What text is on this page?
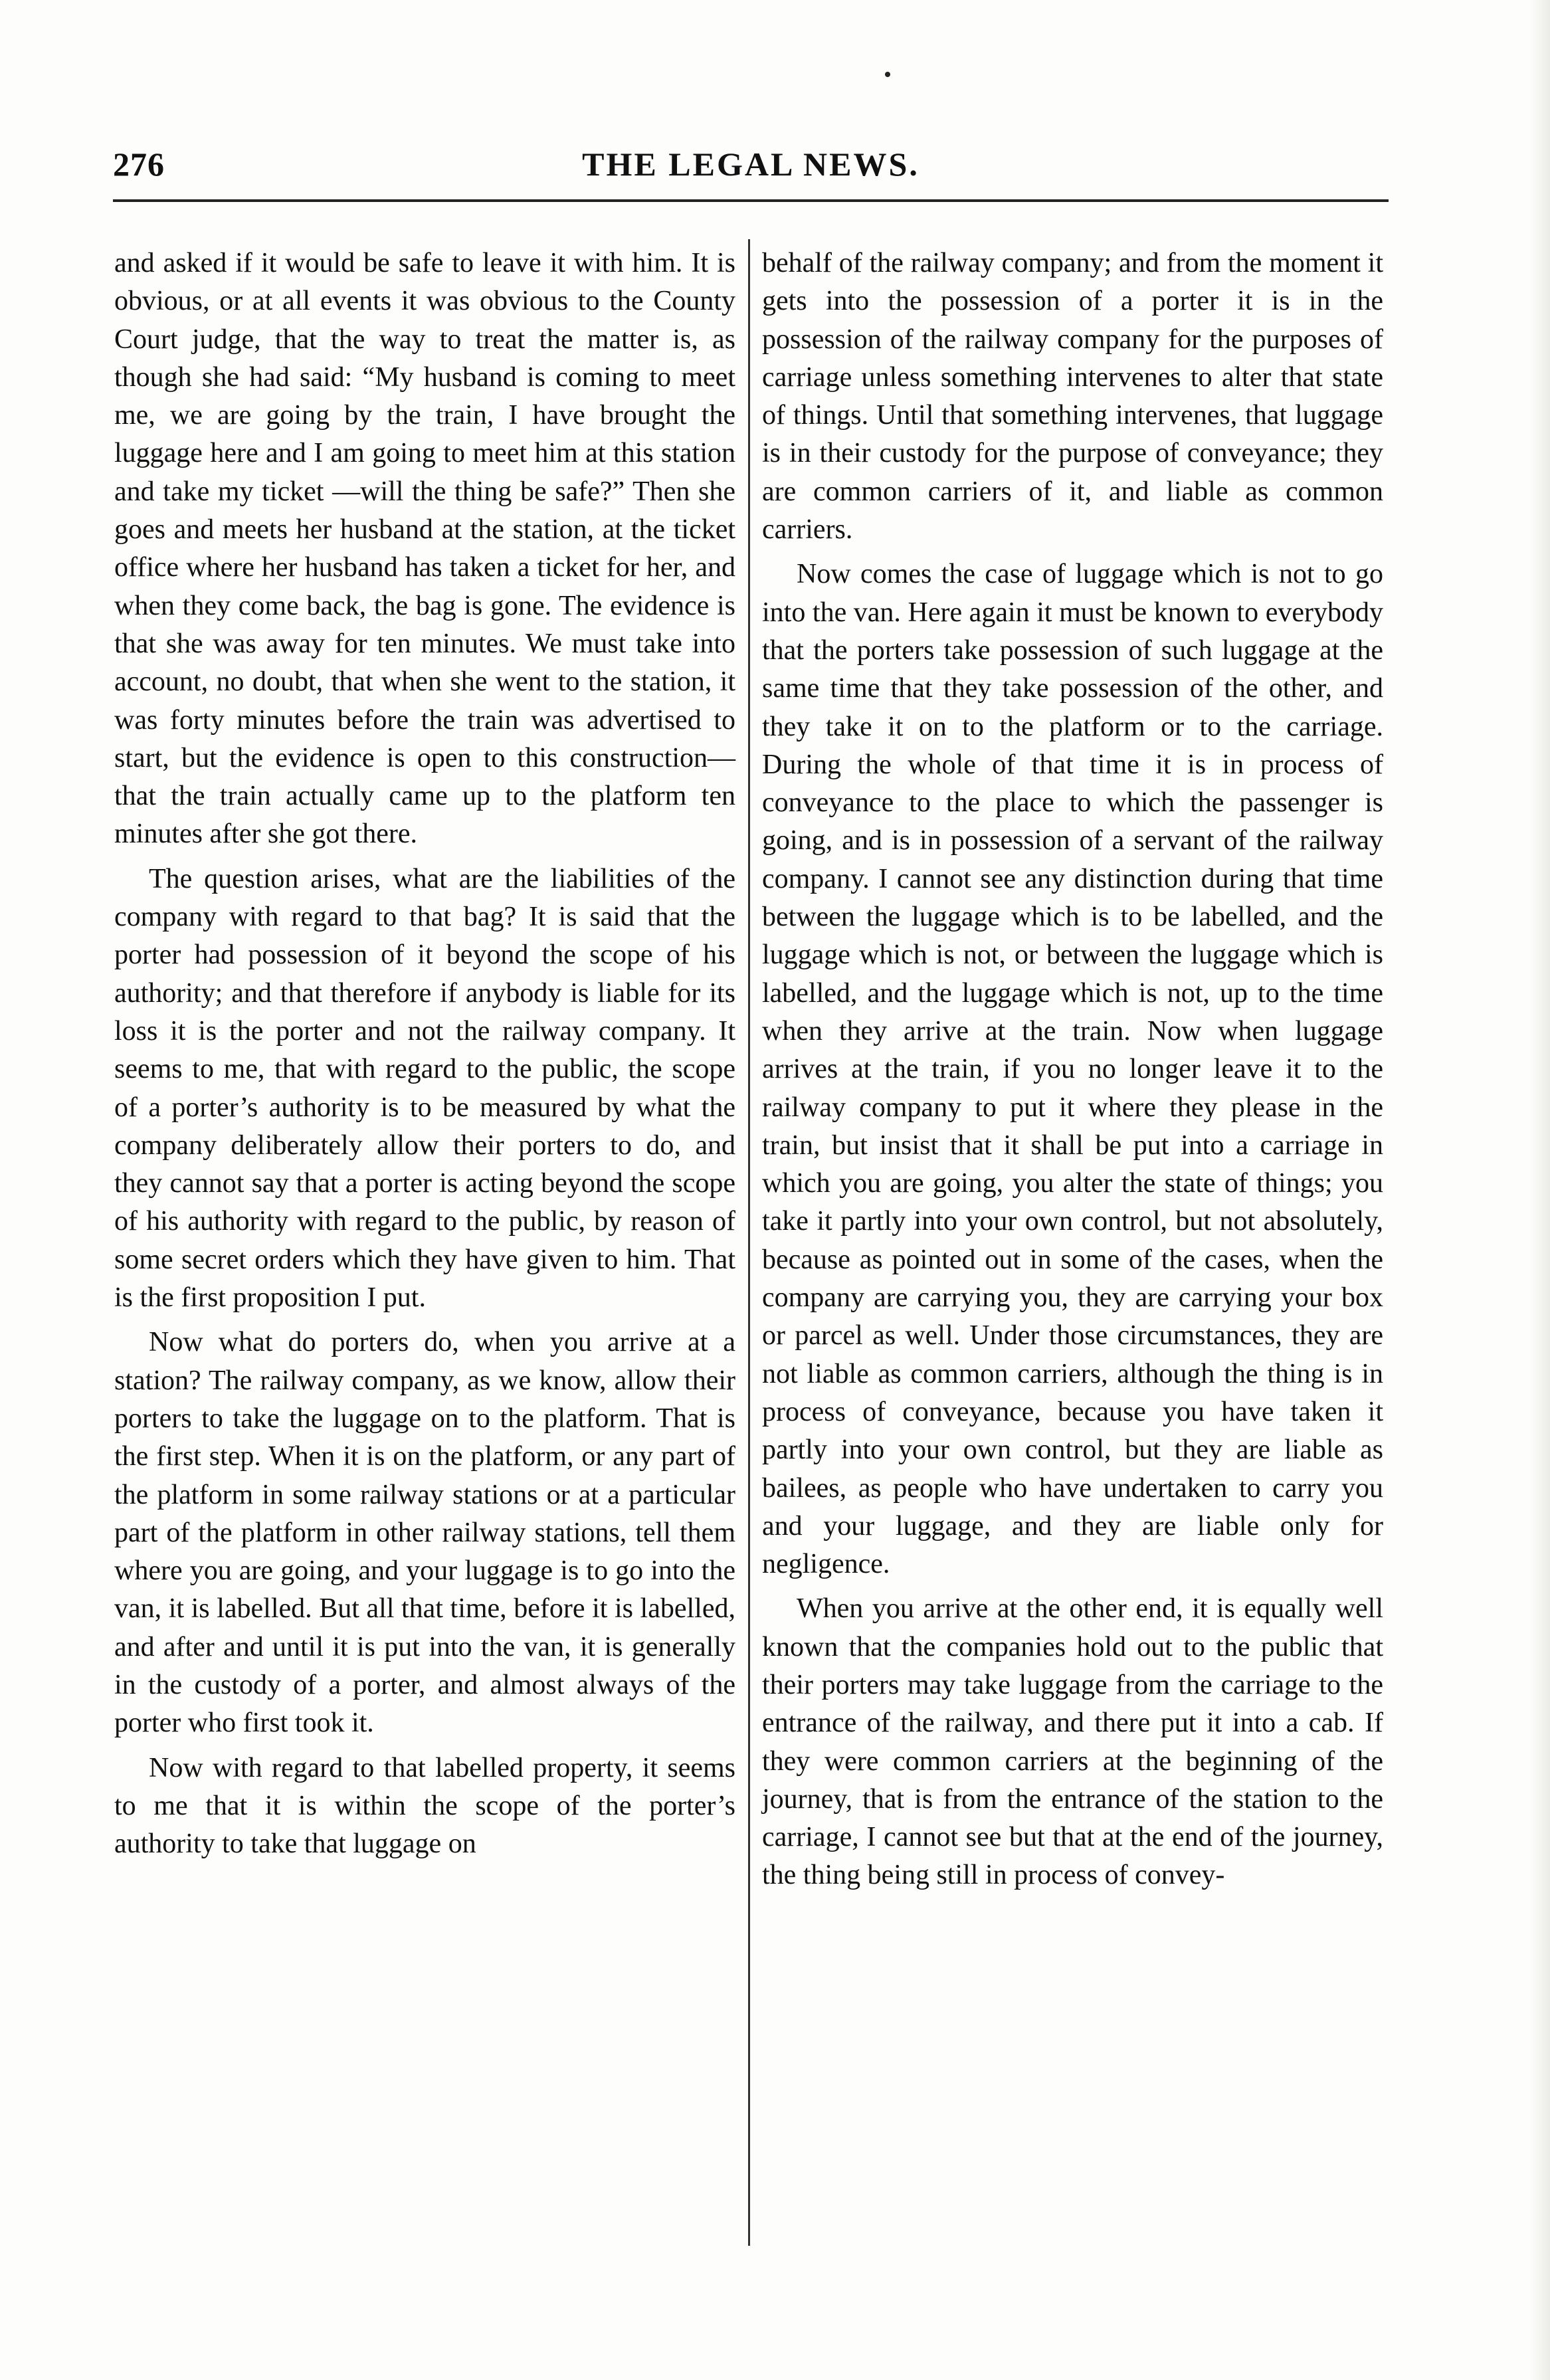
276	THE LEGAL NEWS.

and asked if it would be safe to leave it with him. It is obvious, or at all events it was obvious to the County Court judge, that the way to treat the matter is, as though she had said: “My husband is coming to meet me, we are going by the train, I have brought the luggage here and I am going to meet him at this station and take my ticket —will the thing be safe?” Then she goes and meets her husband at the station, at the ticket office where her husband has taken a ticket for her, and when they come back, the bag is gone. The evidence is that she was away for ten minutes. We must take into account, no doubt, that when she went to the station, it was forty minutes before the train was advertised to start, but the evidence is open to this construction— that the train actually came up to the platform ten minutes after she got there.

The question arises, what are the liabilities of the company with regard to that bag? It is said that the porter had possession of it beyond the scope of his authority; and that therefore if anybody is liable for its loss it is the porter and not the railway company. It seems to me, that with regard to the public, the scope of a porter’s authority is to be measured by what the company deliberately allow their porters to do, and they cannot say that a porter is acting beyond the scope of his authority with regard to the public, by reason of some secret orders which they have given to him. That is the first proposition I put.

Now what do porters do, when you arrive at a station? The railway company, as we know, allow their porters to take the luggage on to the platform. That is the first step. When it is on the platform, or any part of the platform in some railway stations or at a particular part of the platform in other railway stations, tell them where you are going, and your luggage is to go into the van, it is labelled. But all that time, before it is labelled, and after and until it is put into the van, it is generally in the custody of a porter, and almost always of the porter who first took it.

Now with regard to that labelled property, it seems to me that it is within the scope of the porter’s authority to take that luggage on

behalf of the railway company; and from the moment it gets into the possession of a porter it is in the possession of the railway company for the purposes of carriage unless something intervenes to alter that state of things. Until that something intervenes, that luggage is in their custody for the purpose of conveyance; they are common carriers of it, and liable as common carriers.

Now comes the case of luggage which is not to go into the van. Here again it must be known to everybody that the porters take possession of such luggage at the same time that they take possession of the other, and they take it on to the platform or to the carriage. During the whole of that time it is in process of conveyance to the place to which the passenger is going, and is in possession of a servant of the railway company. I cannot see any distinction during that time between the luggage which is to be labelled, and the luggage which is not, or between the luggage which is labelled, and the luggage which is not, up to the time when they arrive at the train. Now when luggage arrives at the train, if you no longer leave it to the railway company to put it where they please in the train, but insist that it shall be put into a carriage in which you are going, you alter the state of things; you take it partly into your own control, but not absolutely, because as pointed out in some of the cases, when the company are carrying you, they are carrying your box or parcel as well. Under those circumstances, they are not liable as common carriers, although the thing is in process of conveyance, because you have taken it partly into your own control, but they are liable as bailees, as people who have undertaken to carry you and your luggage, and they are liable only for negligence.

When you arrive at the other end, it is equally well known that the companies hold out to the public that their porters may take luggage from the carriage to the entrance of the railway, and there put it into a cab. If they were common carriers at the beginning of the journey, that is from the entrance of the station to the carriage, I cannot see but that at the end of the journey, the thing being still in process of convey-
